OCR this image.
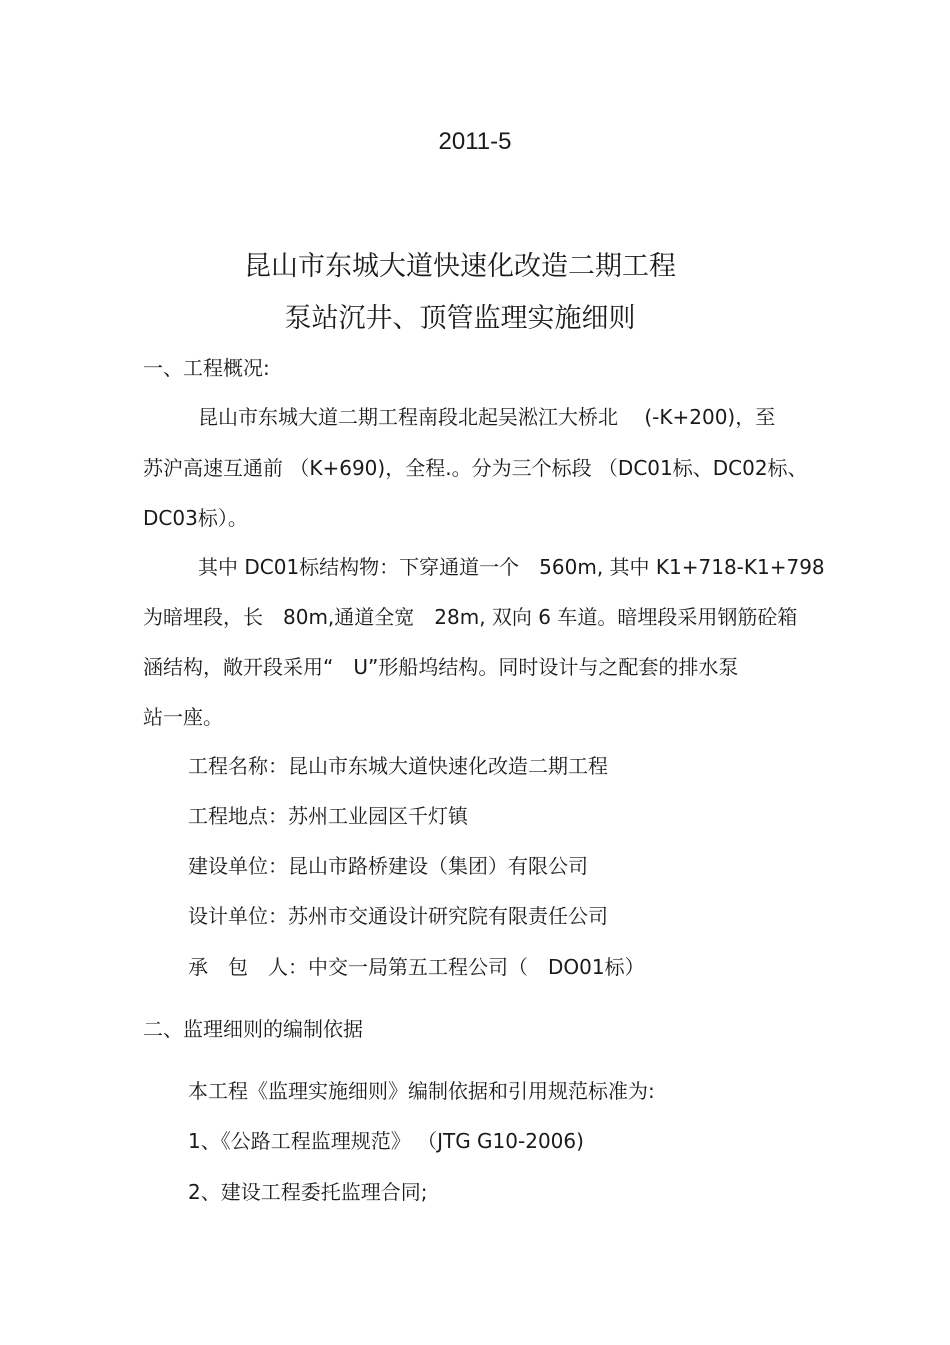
2011-5
昆山市东城大道快速化改造二期工程
泵站沉井、顶管监理实施细则
一、工程概况:
昆山市东城大道二期工程南段北起吴淞江大桥北　 (-K+200)，至
苏沪高速互通前 （K+690)，全程.。分为三个标段 （DC01标、DC02标、
DC03标）。
其中 DC01标结构物：下穿通道一个　560m, 其中 K1+718-K1+798
为暗埋段，长　80m,通道全宽　28m, 双向 6 车道。暗埋段采用钢筋砼箱
涵结构，敞开段采用“　U”形船坞结构。同时设计与之配套的排水泵
站一座。
工程名称：昆山市东城大道快速化改造二期工程
工程地点：苏州工业园区千灯镇
建设单位：昆山市路桥建设（集团）有限公司
设计单位：苏州市交通设计研究院有限责任公司
承　包　人：中交一局第五工程公司（　DO01标）
二、监理细则的编制依据
本工程《监理实施细则》编制依据和引用规范标准为:
1、《公路工程监理规范》 （JTG G10-2006)
2、建设工程委托监理合同;
